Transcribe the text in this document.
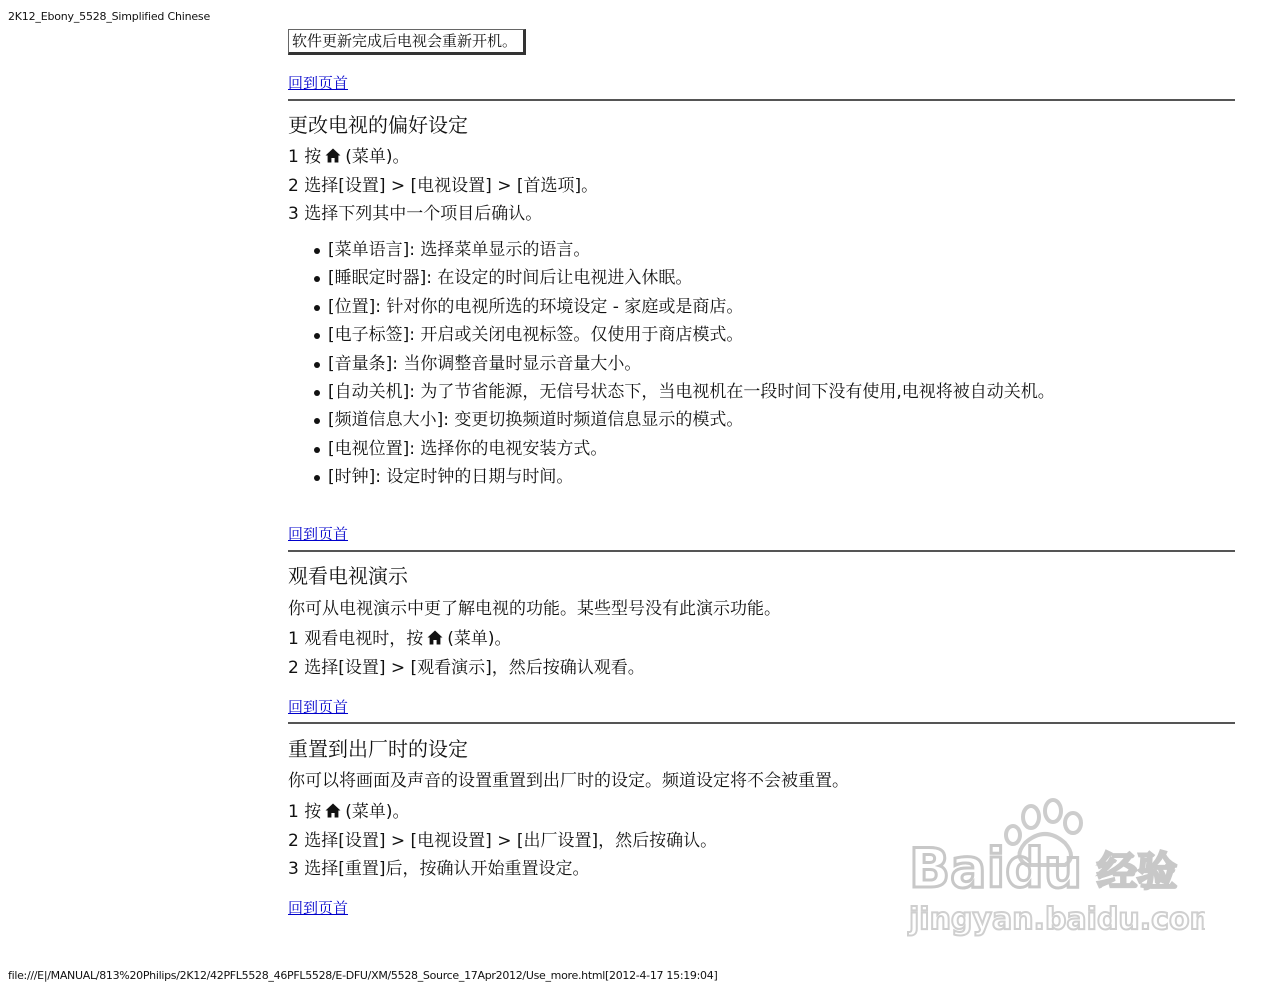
2K12_Ebony_5528_Simplified Chinese
软件更新完成后电视会重新开机。
回到页首
更改电视的偏好设定
1 按 (菜单)。
2 选择[设置] > [电视设置] > [首选项]。
3 选择下列其中一个项目后确认。
[菜单语言]: 选择菜单显示的语言。
[睡眠定时器]: 在设定的时间后让电视进入休眠。
[位置]: 针对你的电视所选的环境设定 - 家庭或是商店。
[电子标签]: 开启或关闭电视标签。仅使用于商店模式。
[音量条]: 当你调整音量时显示音量大小。
[自动关机]: 为了节省能源，无信号状态下，当电视机在一段时间下没有使用,电视将被自动关机。
[频道信息大小]: 变更切换频道时频道信息显示的模式。
[电视位置]: 选择你的电视安装方式。
[时钟]: 设定时钟的日期与时间。
回到页首
观看电视演示
你可从电视演示中更了解电视的功能。某些型号没有此演示功能。
1 观看电视时，按 (菜单)。
2 选择[设置] > [观看演示]，然后按确认观看。
回到页首
重置到出厂时的设定
你可以将画面及声音的设置重置到出厂时的设定。频道设定将不会被重置。
1 按 (菜单)。
2 选择[设置] > [电视设置] > [出厂设置]，然后按确认。
3 选择[重置]后，按确认开始重置设定。
回到页首
Baidu 经验
jingyan.baidu.com
file:///E|/MANUAL/813%20Philips/2K12/42PFL5528_46PFL5528/E-DFU/XM/5528_Source_17Apr2012/Use_more.html[2012-4-17 15:19:04]
